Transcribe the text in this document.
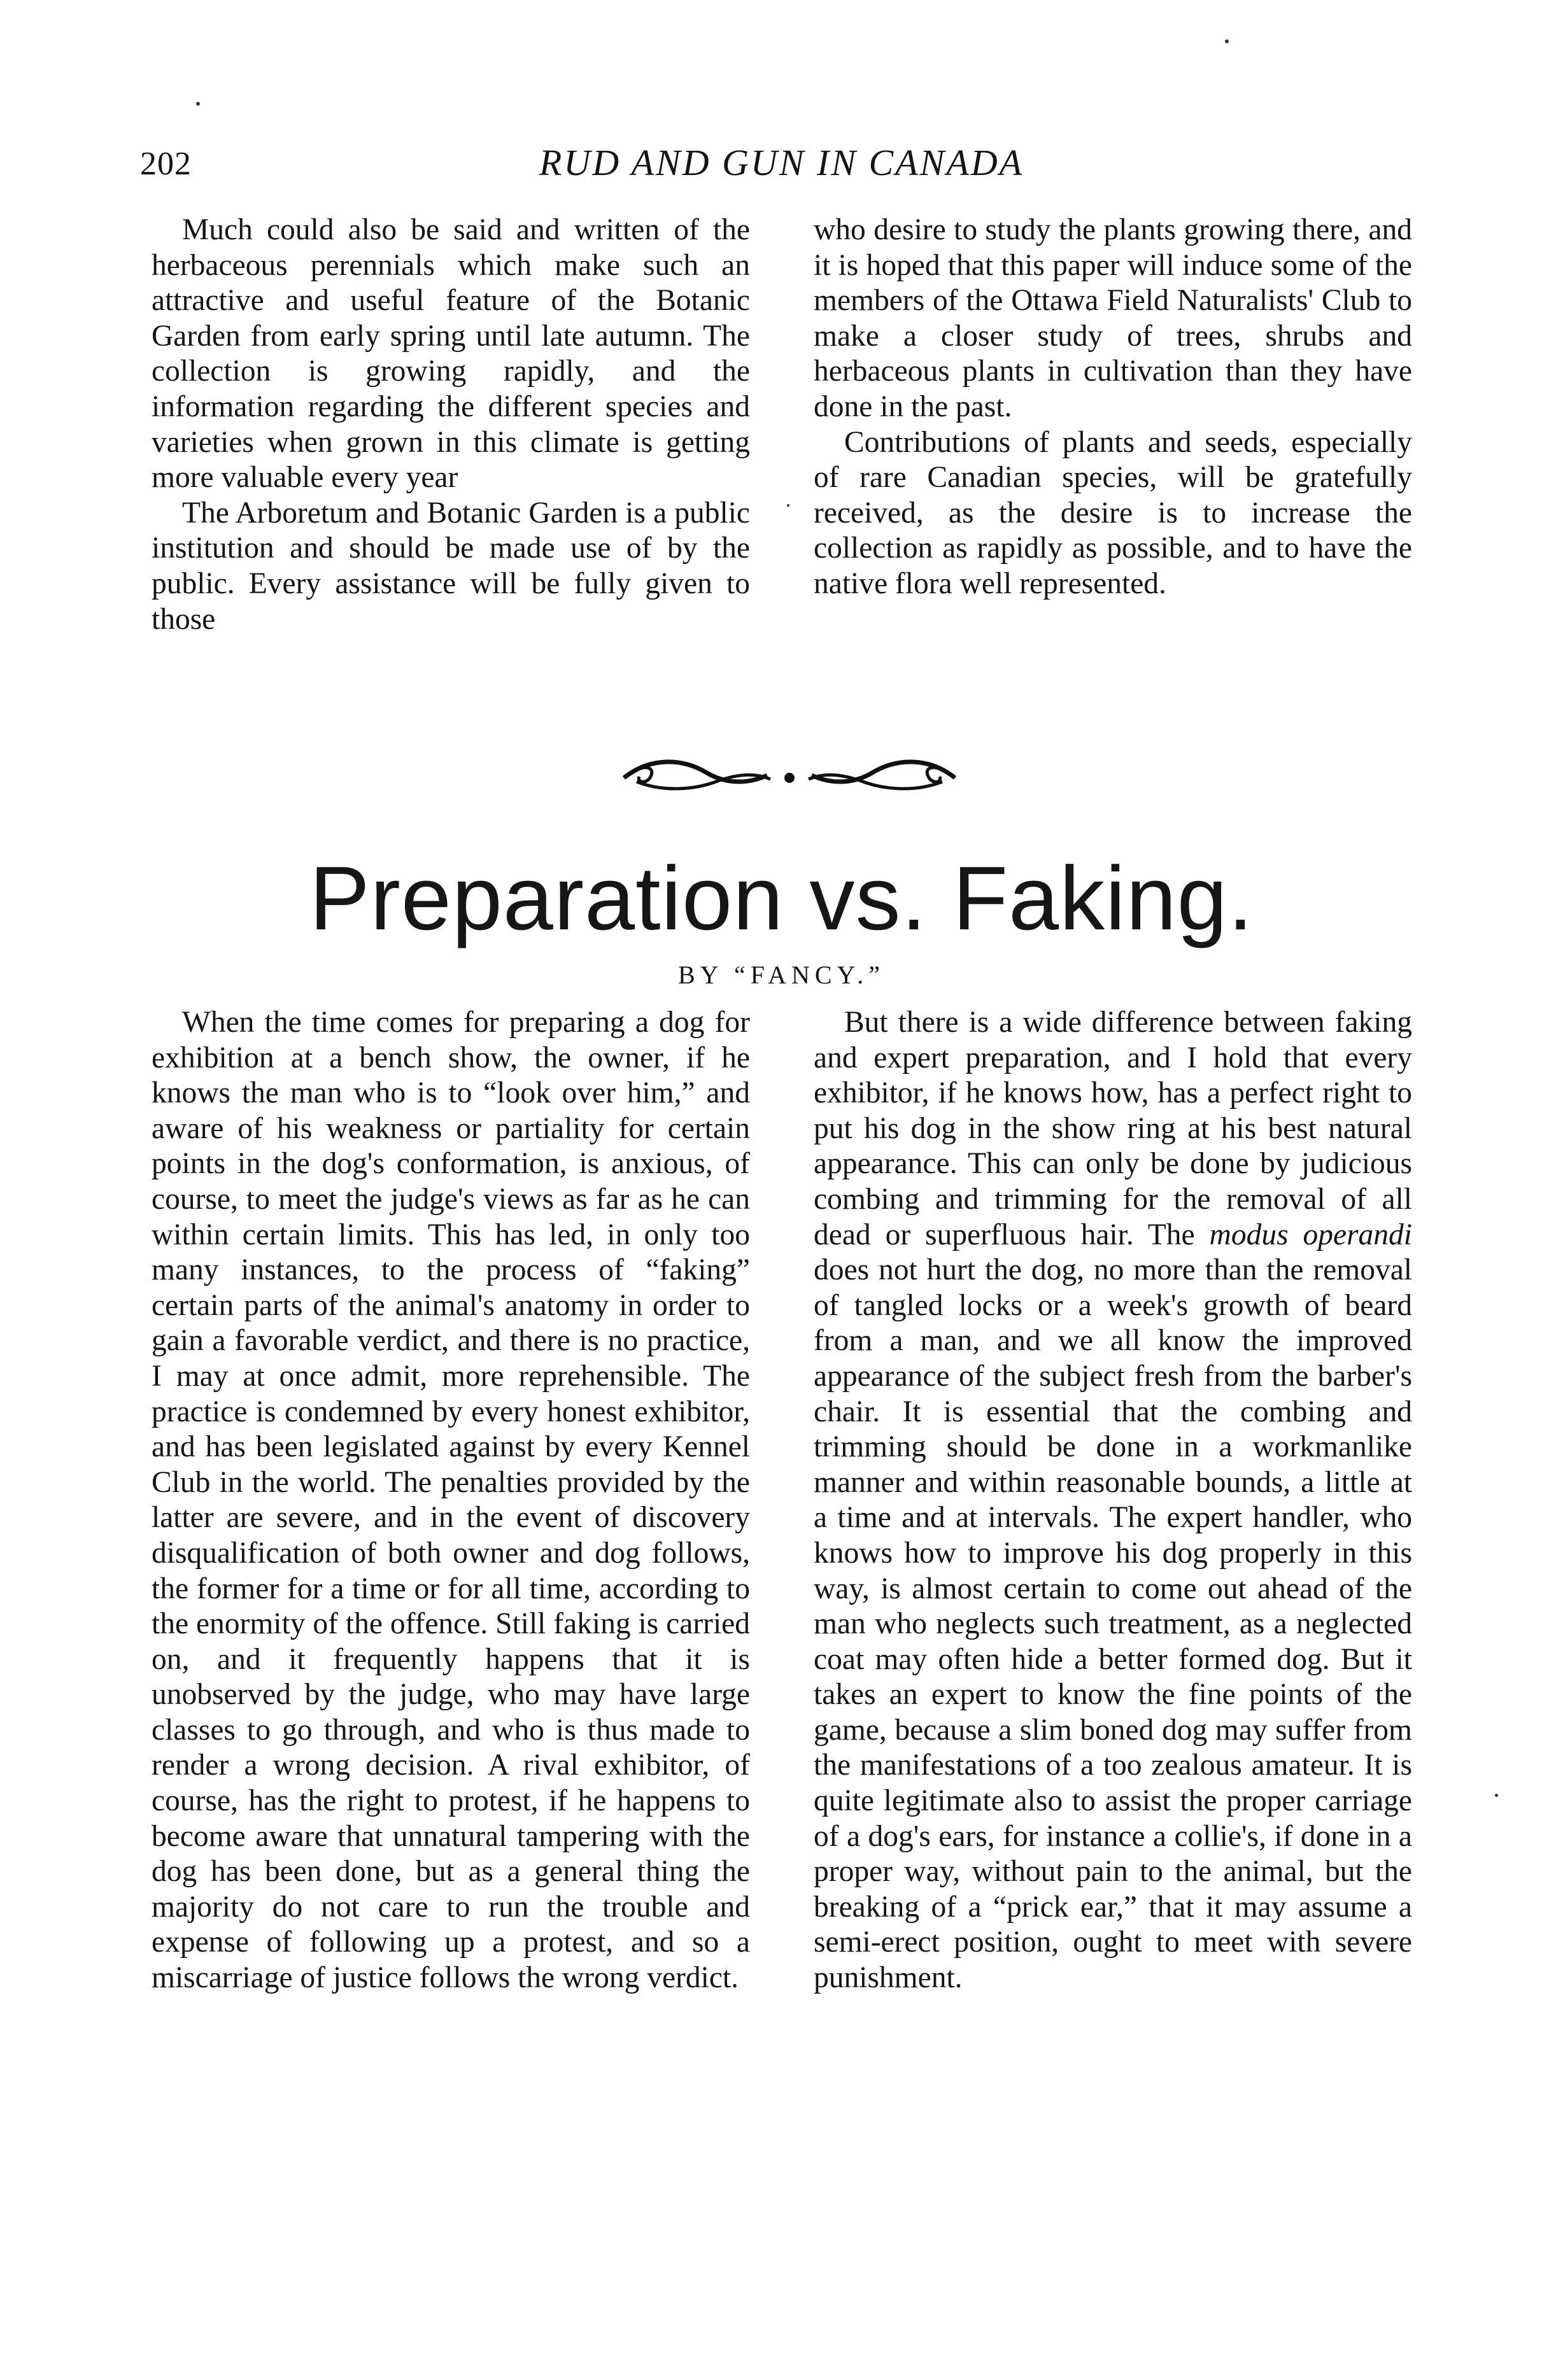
202	RUD AND GUN IN CANADA

Much could also be said and written of the herbaceous perennials which make such an attractive and useful feature of the Botanic Garden from early spring until late autumn. The collection is growing rapidly, and the information regarding the different species and varieties when grown in this climate is getting more valuable every year

The Arboretum and Botanic Garden is a public institution and should be made use of by the public. Every assistance will be fully given to those

who desire to study the plants growing there, and it is hoped that this paper will induce some of the members of the Ottawa Field Naturalists' Club to make a closer study of trees, shrubs and herbaceous plants in cultivation than they have done in the past.

Contributions of plants and seeds, especially of rare Canadian species, will be gratefully received, as the desire is to increase the collection as rapidly as possible, and to have the native flora well represented.

Preparation vs. Faking.
BY “FANCY.”

When the time comes for preparing a dog for exhibition at a bench show, the owner, if he knows the man who is to “look over him,” and aware of his weakness or partiality for certain points in the dog's conformation, is anxious, of course, to meet the judge's views as far as he can within certain limits. This has led, in only too many instances, to the process of “faking” certain parts of the animal's anatomy in order to gain a favorable verdict, and there is no practice, I may at once admit, more reprehensible. The practice is condemned by every honest exhibitor, and has been legislated against by every Kennel Club in the world. The penalties provided by the latter are severe, and in the event of discovery disqualification of both owner and dog follows, the former for a time or for all time, according to the enormity of the offence. Still faking is carried on, and it frequently happens that it is unobserved by the judge, who may have large classes to go through, and who is thus made to render a wrong decision. A rival exhibitor, of course, has the right to protest, if he happens to become aware that unnatural tampering with the dog has been done, but as a general thing the majority do not care to run the trouble and expense of following up a protest, and so a miscarriage of justice follows the wrong verdict.

But there is a wide difference between faking and expert preparation, and I hold that every exhibitor, if he knows how, has a perfect right to put his dog in the show ring at his best natural appearance. This can only be done by judicious combing and trimming for the removal of all dead or superfluous hair. The modus operandi does not hurt the dog, no more than the removal of tangled locks or a week's growth of beard from a man, and we all know the improved appearance of the subject fresh from the barber's chair. It is essential that the combing and trimming should be done in a workmanlike manner and within reasonable bounds, a little at a time and at intervals. The expert handler, who knows how to improve his dog properly in this way, is almost certain to come out ahead of the man who neglects such treatment, as a neglected coat may often hide a better formed dog. But it takes an expert to know the fine points of the game, because a slim boned dog may suffer from the manifestations of a too zealous amateur. It is quite legitimate also to assist the proper carriage of a dog's ears, for instance a collie's, if done in a proper way, without pain to the animal, but the breaking of a “prick ear,” that it may assume a semi-erect position, ought to meet with severe punishment.
